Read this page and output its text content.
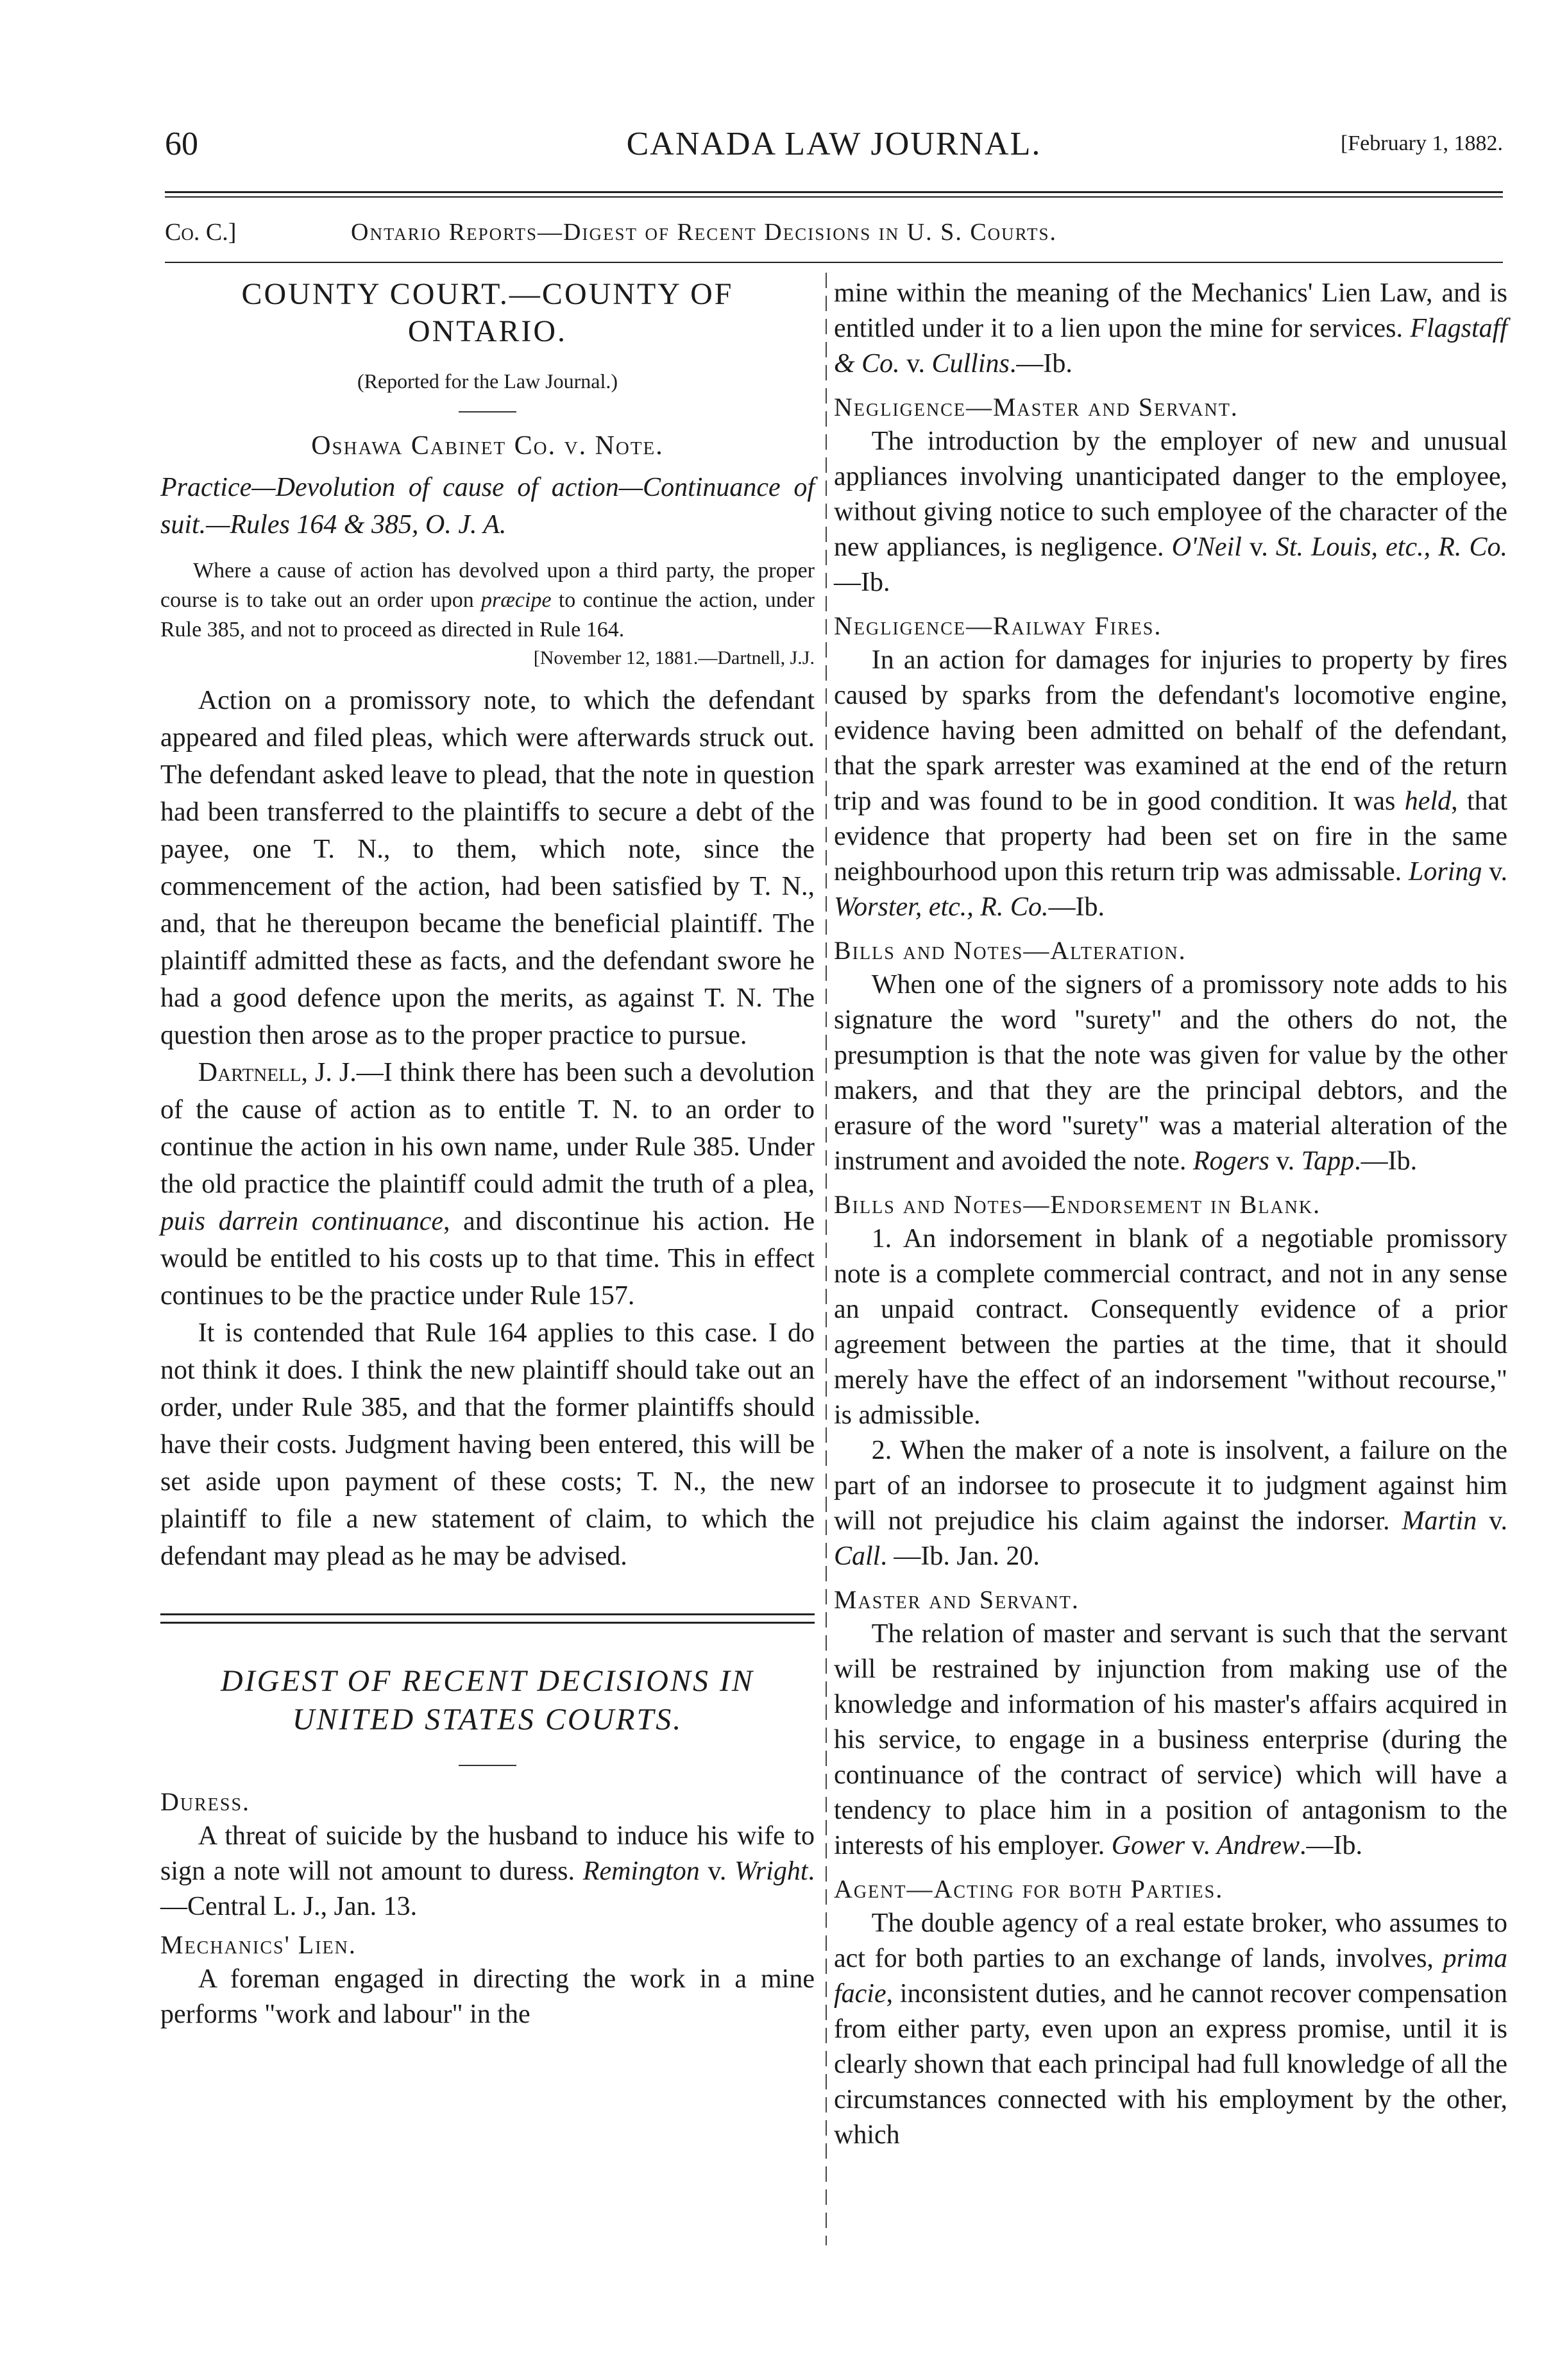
60	CANADA LAW JOURNAL.	[February 1, 1882.
Co. C.]	Ontario Reports—Digest of Recent Decisions in U. S. Courts.
COUNTY COURT.—COUNTY OF
ONTARIO.
(Reported for the Law Journal.)
Oshawa Cabinet Co. v. Note.
Practice—Devolution of cause of action—Continuance of suit.—Rules 164 & 385, O. J. A.
Where a cause of action has devolved upon a third party, the proper course is to take out an order upon præcipe to continue the action, under Rule 385, and not to proceed as directed in Rule 164.
[November 12, 1881.—Dartnell, J.J.

Action on a promissory note, to which the defendant appeared and filed pleas, which were afterwards struck out. The defendant asked leave to plead, that the note in question had been transferred to the plaintiffs to secure a debt of the payee, one T. N., to them, which note, since the commencement of the action, had been satisfied by T. N., and, that he thereupon became the beneficial plaintiff. The plaintiff admitted these as facts, and the defendant swore he had a good defence upon the merits, as against T. N. The question then arose as to the proper practice to pursue.

Dartnell, J. J.—I think there has been such a devolution of the cause of action as to entitle T. N. to an order to continue the action in his own name, under Rule 385. Under the old practice the plaintiff could admit the truth of a plea, puis darrein continuance, and discontinue his action. He would be entitled to his costs up to that time. This in effect continues to be the practice under Rule 157.

It is contended that Rule 164 applies to this case. I do not think it does. I think the new plaintiff should take out an order, under Rule 385, and that the former plaintiffs should have their costs. Judgment having been entered, this will be set aside upon payment of these costs; T. N., the new plaintiff to file a new statement of claim, to which the defendant may plead as he may be advised.

DIGEST OF RECENT DECISIONS IN
UNITED STATES COURTS.
Duress.

A threat of suicide by the husband to induce his wife to sign a note will not amount to duress. Remington v. Wright.—Central L. J., Jan. 13.

Mechanics' Lien.

A foreman engaged in directing the work in a mine performs "work and labour" in the

mine within the meaning of the Mechanics' Lien Law, and is entitled under it to a lien upon the mine for services. Flagstaff & Co. v. Cullins.—Ib.

Negligence—Master and Servant.

The introduction by the employer of new and unusual appliances involving unanticipated danger to the employee, without giving notice to such employee of the character of the new appliances, is negligence. O'Neil v. St. Louis, etc., R. Co.—Ib.

Negligence—Railway Fires.

In an action for damages for injuries to property by fires caused by sparks from the defendant's locomotive engine, evidence having been admitted on behalf of the defendant, that the spark arrester was examined at the end of the return trip and was found to be in good condition. It was held, that evidence that property had been set on fire in the same neighbourhood upon this return trip was admissable. Loring v. Worster, etc., R. Co.—Ib.

Bills and Notes—Alteration.

When one of the signers of a promissory note adds to his signature the word "surety" and the others do not, the presumption is that the note was given for value by the other makers, and that they are the principal debtors, and the erasure of the word "surety" was a material alteration of the instrument and avoided the note. Rogers v. Tapp.—Ib.

Bills and Notes—Endorsement in Blank.

1. An indorsement in blank of a negotiable promissory note is a complete commercial contract, and not in any sense an unpaid contract. Consequently evidence of a prior agreement between the parties at the time, that it should merely have the effect of an indorsement "without recourse," is admissible.

2. When the maker of a note is insolvent, a failure on the part of an indorsee to prosecute it to judgment against him will not prejudice his claim against the indorser. Martin v. Call. —Ib. Jan. 20.

Master and Servant.

The relation of master and servant is such that the servant will be restrained by injunction from making use of the knowledge and information of his master's affairs acquired in his service, to engage in a business enterprise (during the continuance of the contract of service) which will have a tendency to place him in a position of antagonism to the interests of his employer. Gower v. Andrew.—Ib.

Agent—Acting for both Parties.

The double agency of a real estate broker, who assumes to act for both parties to an exchange of lands, involves, prima facie, inconsistent duties, and he cannot recover compensation from either party, even upon an express promise, until it is clearly shown that each principal had full knowledge of all the circumstances connected with his employment by the other, which
